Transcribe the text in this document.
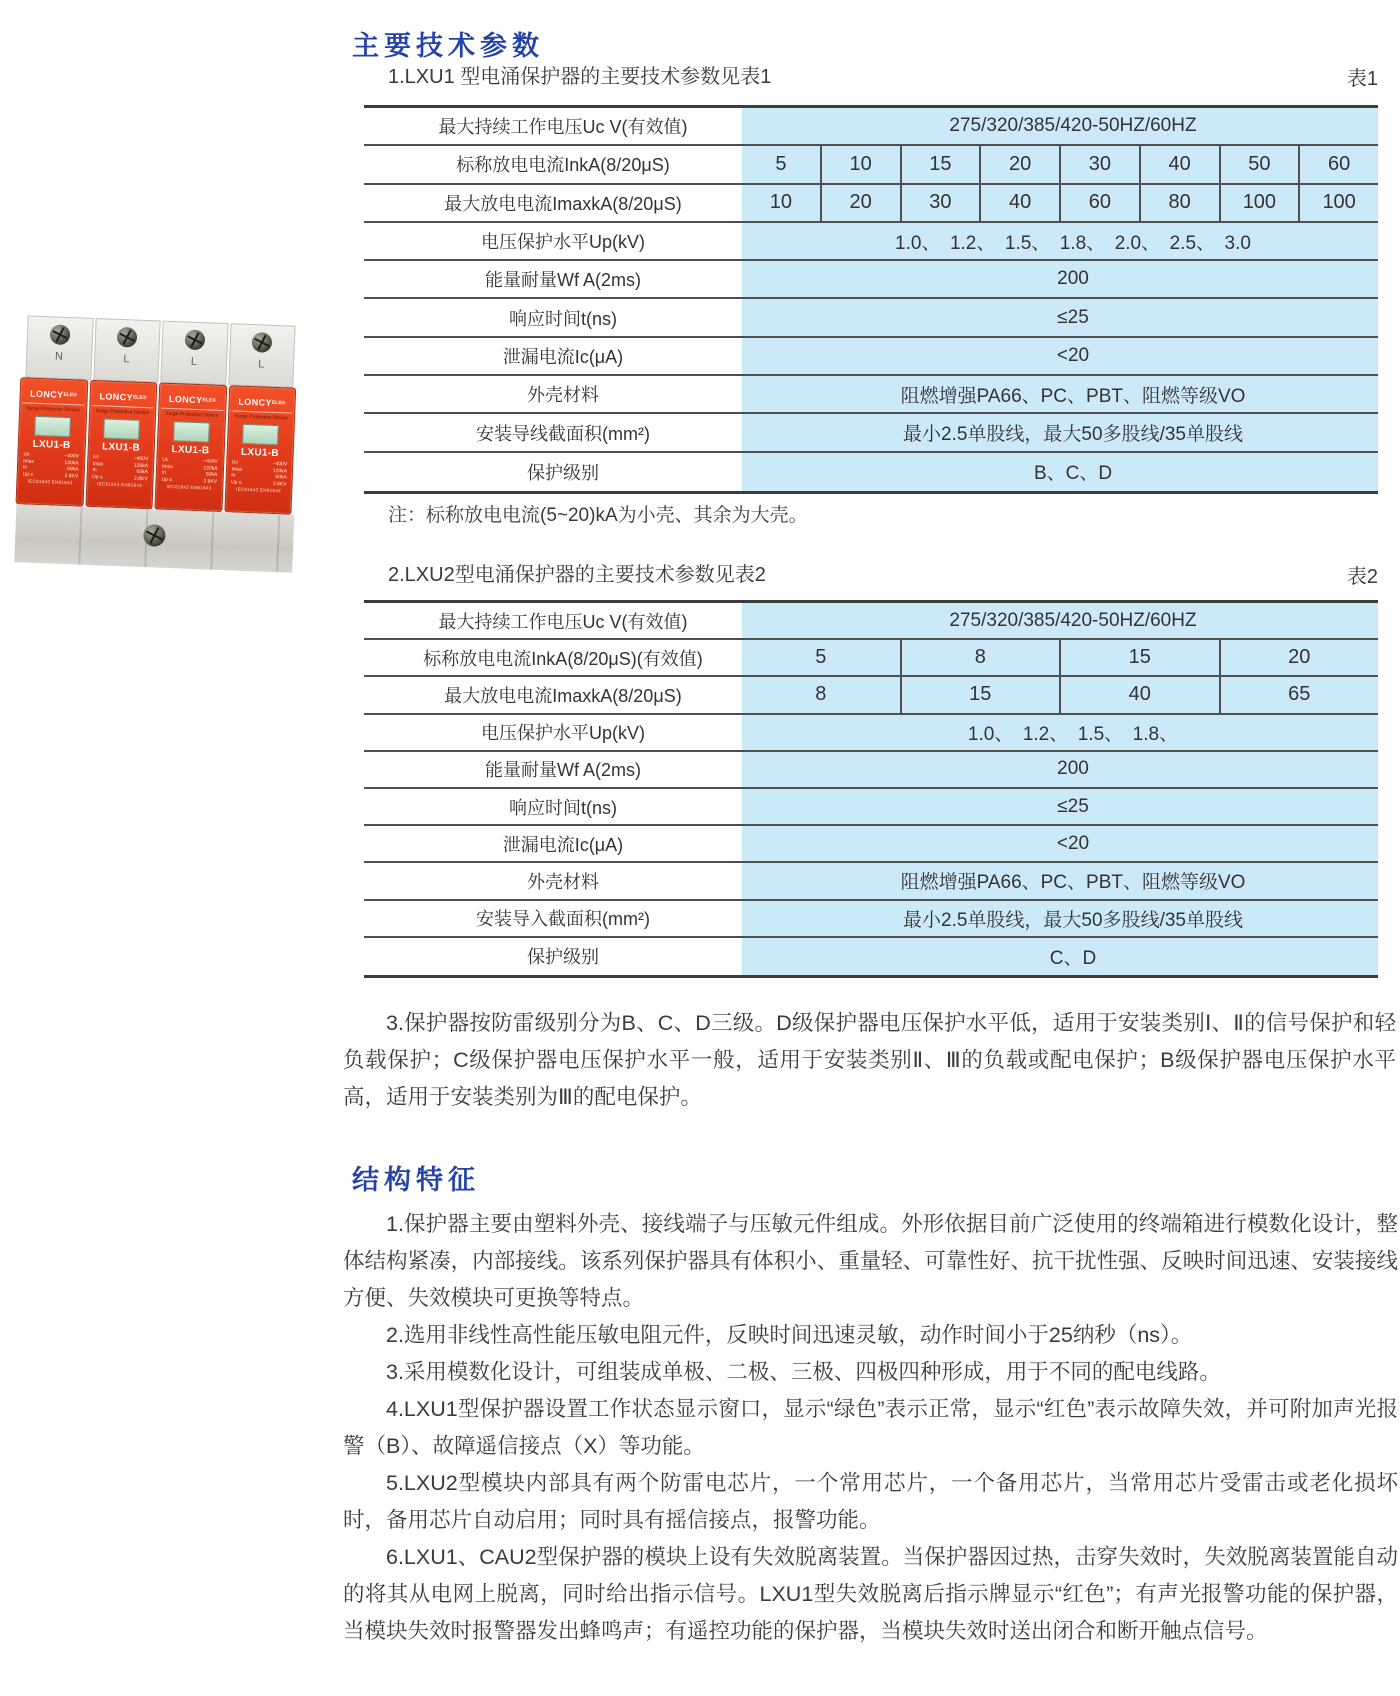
主要技术参数
1.LXU1 型电涌保护器的主要技术参数见表1	表1
最大持续工作电压Uc V(有效值)	275/320/385/420-50HZ/60HZ
标称放电电流InkA(8/20μS)	5	10	15	20	30	40	50	60
最大放电电流ImaxkA(8/20μS)	10	20	30	40	60	80	100	100
电压保护水平Up(kV)	1.0、　1.2、　1.5、　1.8、　2.0、　2.5、　3.0
能量耐量Wf A(2ms)	200
响应时间t(ns)	≤25
泄漏电流Ic(μA)	<20
外壳材料	阻燃增强PA66、PC、PBT、阻燃等级VO
安装导线截面积(mm²)	最小2.5单股线，最大50多股线/35单股线
保护级别	B、C、D
注：标称放电电流(5~20)kA为小壳、其余为大壳。
2.LXU2型电涌保护器的主要技术参数见表2	表2
最大持续工作电压Uc V(有效值)	275/320/385/420-50HZ/60HZ
标称放电电流InkA(8/20μS)(有效值)	5	8	15	20
最大放电电流ImaxkA(8/20μS)	8	15	40	65
电压保护水平Up(kV)	1.0、　1.2、　1.5、　1.8、
能量耐量Wf A(2ms)	200
响应时间t(ns)	≤25
泄漏电流Ic(μA)	<20
外壳材料	阻燃增强PA66、PC、PBT、阻燃等级VO
安装导入截面积(mm²)	最小2.5单股线，最大50多股线/35单股线
保护级别	C、D
3.保护器按防雷级别分为B、C、D三级。D级保护器电压保护水平低，适用于安装类别Ⅰ、Ⅱ的信号保护和轻负载保护；C级保护器电压保护水平一般，适用于安装类别Ⅱ、Ⅲ的负载或配电保护；B级保护器电压保护水平高，适用于安装类别为Ⅲ的配电保护。
结构特征

1.保护器主要由塑料外壳、接线端子与压敏元件组成。外形依据目前广泛使用的终端箱进行模数化设计，整体结构紧凑，内部接线。该系列保护器具有体积小、重量轻、可靠性好、抗干扰性强、反映时间迅速、安装接线方便、失效模块可更换等特点。

2.选用非线性高性能压敏电阻元件，反映时间迅速灵敏，动作时间小于25纳秒（ns）。

3.采用模数化设计，可组装成单极、二极、三极、四极四种形成，用于不同的配电线路。

4.LXU1型保护器设置工作状态显示窗口，显示“绿色”表示正常，显示“红色”表示故障失效，并可附加声光报警（B）、故障遥信接点（X）等功能。

5.LXU2型模块内部具有两个防雷电芯片，一个常用芯片，一个备用芯片，当常用芯片受雷击或老化损坏时，备用芯片自动启用；同时具有摇信接点，报警功能。

6.LXU1、CAU2型保护器的模块上设有失效脱离装置。当保护器因过热，击穿失效时，失效脱离装置能自动的将其从电网上脱离，同时给出指示信号。LXU1型失效脱离后指示牌显示“红色”；有声光报警功能的保护器，当模块失效时报警器发出蜂鸣声；有遥控功能的保护器，当模块失效时送出闭合和断开触点信号。

N	L	L	L
LONCYELE®
Surge Protective Device
LXU1-B
Uc	~400V
Imax	120kA
In	60kA
Up ≤	2.8KV
IEC61643 EN61643
LONCYELE®
Surge Protective Device
LXU1-B
Uc	~400V
Imax	120kA
In	60kA
Up ≤	2.8KV
IEC61643 EN61643
LONCYELE®
Surge Protective Device
LXU1-B
Uc	~400V
Imax	120kA
In	60kA
Up ≤	2.8KV
IEC61643 EN61643
LONCYELE®
Surge Protective Device
LXU1-B
Uc	~400V
Imax	120kA
In	60kA
Up ≤	2.8KV
IEC61643 EN61643
